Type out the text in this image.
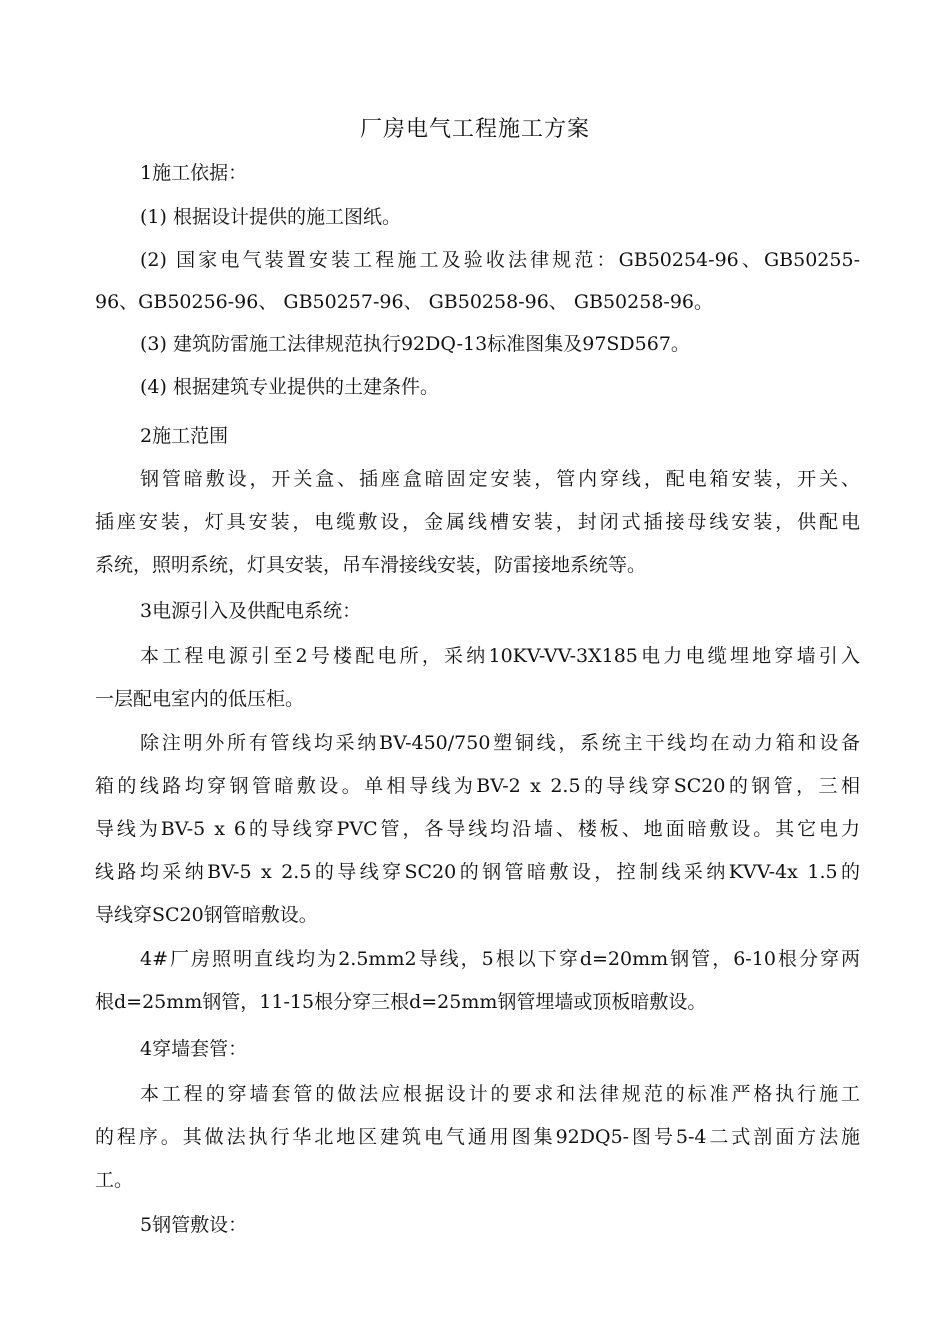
厂房电气工程施工方案
1施工依据：
(1) 根据设计提供的施工图纸。
(2) 国家电气装置安装工程施工及验收法律规范：GB50254-96、GB50255-
96、GB50256-96、 GB50257-96、 GB50258-96、 GB50258-96。
(3) 建筑防雷施工法律规范执行92DQ-13标准图集及97SD567。
(4) 根据建筑专业提供的土建条件。
2施工范围
钢管暗敷设，开关盒、插座盒暗固定安装，管内穿线，配电箱安装，开关、
插座安装，灯具安装，电缆敷设，金属线槽安装，封闭式插接母线安装，供配电
系统，照明系统，灯具安装，吊车滑接线安装，防雷接地系统等。
3电源引入及供配电系统：
本工程电源引至2号楼配电所，采纳10KV-VV-3X185电力电缆埋地穿墙引入
一层配电室内的低压柜。
除注明外所有管线均采纳BV-450/750塑铜线，系统主干线均在动力箱和设备
箱的线路均穿钢管暗敷设。单相导线为BV-2 x 2.5的导线穿SC20的钢管，三相
导线为BV-5 x 6的导线穿PVC管，各导线均沿墙、楼板、地面暗敷设。其它电力
线路均采纳BV-5 x 2.5的导线穿SC20的钢管暗敷设，控制线采纳KVV-4x 1.5的
导线穿SC20钢管暗敷设。
4#厂房照明直线均为2.5mm2导线，5根以下穿d=20mm钢管，6-10根分穿两
根d=25mm钢管，11-15根分穿三根d=25mm钢管埋墙或顶板暗敷设。
4穿墙套管：
本工程的穿墙套管的做法应根据设计的要求和法律规范的标准严格执行施工
的程序。其做法执行华北地区建筑电气通用图集92DQ5-图号5-4二式剖面方法施
工。
5钢管敷设：
